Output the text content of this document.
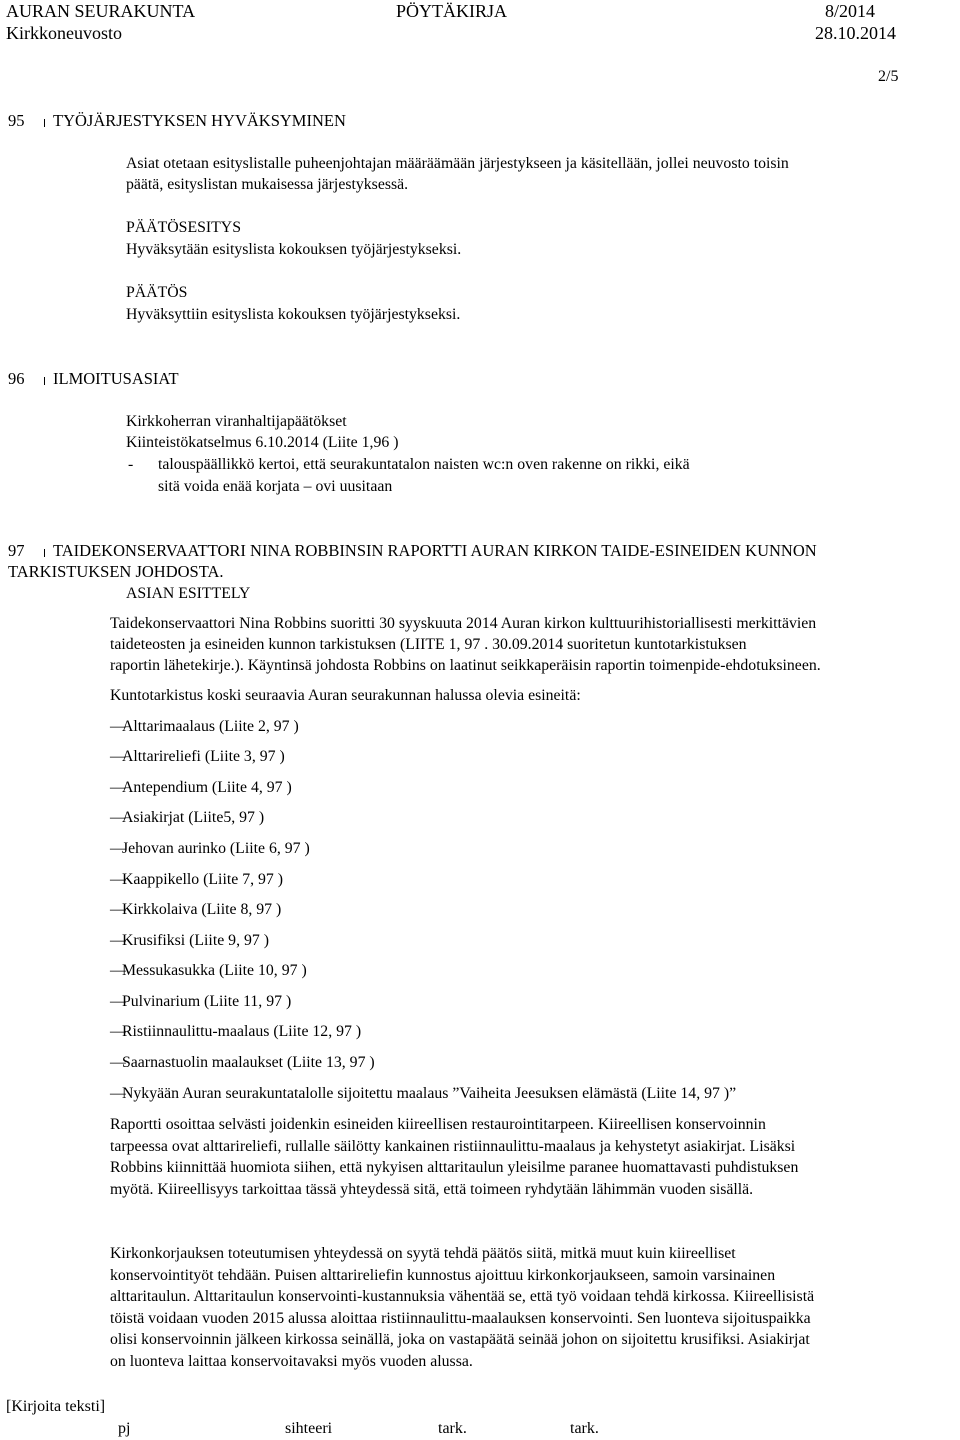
AURAN SEURAKUNTA	PÖYTÄKIRJA	8/2014
Kirkkoneuvosto	28.10.2014
2/5
95 TYÖJÄRJESTYKSEN HYVÄKSYMINEN
Asiat otetaan esityslistalle puheenjohtajan määräämään järjestykseen ja käsitellään, jollei neuvosto toisin
päätä, esityslistan mukaisessa järjestyksessä.
PÄÄTÖSESITYS
Hyväksytään esityslista kokouksen työjärjestykseksi.
PÄÄTÖS
Hyväksyttiin esityslista kokouksen työjärjestykseksi.
96 ILMOITUSASIAT
Kirkkoherran viranhaltijapäätökset
Kiinteistökatselmus 6.10.2014 (Liite 1,96 )
- talouspäällikkö kertoi, että seurakuntatalon naisten wc:n oven rakenne on rikki, eikä
sitä voida enää korjata – ovi uusitaan
97 TAIDEKONSERVAATTORI NINA ROBBINSIN RAPORTTI AURAN KIRKON TAIDE-ESINEIDEN KUNNON
TARKISTUKSEN JOHDOSTA.
ASIAN ESITTELY
Taidekonservaattori Nina Robbins suoritti 30 syyskuuta 2014 Auran kirkon kulttuurihistoriallisesti merkittävien
taideteosten ja esineiden kunnon tarkistuksen (LIITE 1, 97 . 30.09.2014 suoritetun kuntotarkistuksen
raportin lähetekirje.). Käyntinsä johdosta Robbins on laatinut seikkaperäisin raportin toimenpide-ehdotuksineen.
Kuntotarkistus koski seuraavia Auran seurakunnan halussa olevia esineitä:
—Alttarimaalaus (Liite 2, 97 )
—Alttarireliefi (Liite 3, 97 )
—Antependium (Liite 4, 97 )
—Asiakirjat (Liite5, 97 )
—Jehovan aurinko (Liite 6, 97 )
—Kaappikello (Liite 7, 97 )
—Kirkkolaiva (Liite 8, 97 )
—Krusifiksi (Liite 9, 97 )
—Messukasukka (Liite 10, 97 )
—Pulvinarium (Liite 11, 97 )
—Ristiinnaulittu-maalaus (Liite 12, 97 )
—Saarnastuolin maalaukset (Liite 13, 97 )
—Nykyään Auran seurakuntatalolle sijoitettu maalaus ”Vaiheita Jeesuksen elämästä (Liite 14, 97 )”
Raportti osoittaa selvästi joidenkin esineiden kiireellisen restaurointitarpeen. Kiireellisen konservoinnin
tarpeessa ovat alttarireliefi, rullalle säilötty kankainen ristiinnaulittu-maalaus ja kehystetyt asiakirjat. Lisäksi
Robbins kiinnittää huomiota siihen, että nykyisen alttaritaulun yleisilme paranee huomattavasti puhdistuksen
myötä. Kiireellisyys tarkoittaa tässä yhteydessä sitä, että toimeen ryhdytään lähimmän vuoden sisällä.
Kirkonkorjauksen toteutumisen yhteydessä on syytä tehdä päätös siitä, mitkä muut kuin kiireelliset
konservointityöt tehdään. Puisen alttarireliefin kunnostus ajoittuu kirkonkorjaukseen, samoin varsinainen
alttaritaulun. Alttaritaulun konservointi-kustannuksia vähentää se, että työ voidaan tehdä kirkossa. Kiireellisistä
töistä voidaan vuoden 2015 alussa aloittaa ristiinnaulittu-maalauksen konservointi. Sen luonteva sijoituspaikka
olisi konservoinnin jälkeen kirkossa seinällä, joka on vastapäätä seinää johon on sijoitettu krusifiksi. Asiakirjat
on luonteva laittaa konservoitavaksi myös vuoden alussa.
[Kirjoita teksti]
pj	sihteeri	tark.	tark.
